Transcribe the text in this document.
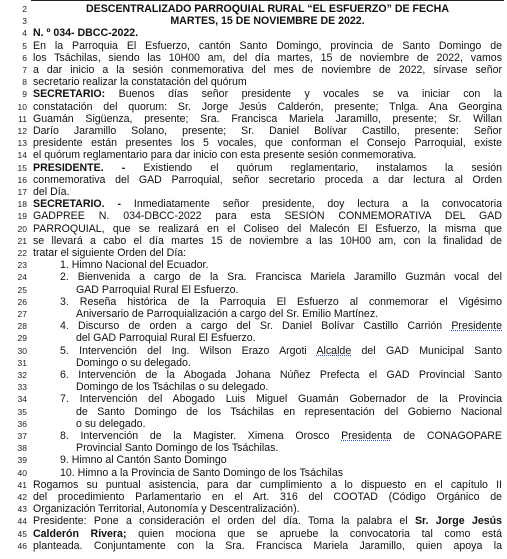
2	DESCENTRALIZADO PARROQUIAL RURAL “EL ESFUERZO” DE FECHA
3	MARTES, 15 DE NOVIEMBRE DE 2022.
4 N. º 034- DBCC-2022.
5 En la Parroquia El Esfuerzo, cantón Santo Domingo, provincia de Santo Domingo de
6 los Tsáchilas, siendo las 10H00 am, del día martes, 15 de noviembre de 2022, vamos
7 a dar inicio a la sesión conmemorativa del mes de noviembre de 2022, sírvase señor
8 secretario realizar la constatación del quórum
9 SECRETARIO: Buenos días señor presidente y vocales se va iniciar con la
10 constatación del quorum: Sr. Jorge Jesús Calderón, presente; Tnlga. Ana Georgina
11 Guamán Sigüenza, presente; Sra. Francisca Mariela Jaramillo, presente; Sr. Willan
12 Darío Jaramillo Solano, presente; Sr. Daniel Bolívar Castillo, presente: Señor
13 presidente están presentes los 5 vocales, que conforman el Consejo Parroquial, existe
14 el quórum reglamentario para dar inicio con esta presente sesión conmemorativa.
15 PRESIDENTE. - Existiendo el quórum reglamentario, instalamos la sesión
16 conmemorativa del GAD Parroquial, señor secretario proceda a dar lectura al Orden
17 del Día.
18 SECRETARIO. - Inmediatamente señor presidente, doy lectura a la convocatoria
19 GADPREE N. 034-DBCC-2022 para esta SESIÓN CONMEMORATIVA DEL GAD
20 PARROQUIAL, que se realizará en el Coliseo del Malecón El Esfuerzo, la misma que
21 se llevará a cabo el día martes 15 de noviembre a las 10H00 am, con la finalidad de
22 tratar el siguiente Orden del Día:
23	1. Himno Nacional del Ecuador.
24	2. Bienvenida a cargo de la Sra. Francisca Mariela Jaramillo Guzmán vocal del
25	GAD Parroquial Rural El Esfuerzo.
26	3. Reseña histórica de la Parroquia El Esfuerzo al conmemorar el Vigésimo
27	Aniversario de Parroquialización a cargo del Sr. Emilio Martínez.
28	4. Discurso de orden a cargo del Sr. Daniel Bolívar Castillo Carrión Presidente
29	del GAD Parroquial Rural El Esfuerzo.
30	5. Intervención del Ing. Wilson Erazo Argoti Alcalde del GAD Municipal Santo
31	Domingo o su delegado.
32	6. Intervención de la Abogada Johana Núñez Prefecta el GAD Provincial Santo
33	Domingo de los Tsáchilas o su delegado.
34	7. Intervención del Abogado Luis Miguel Guamán Gobernador de la Provincia
35	de Santo Domingo de los Tsáchilas en representación del Gobierno Nacional
36	o su delegado.
37	8. Intervención de la Magister. Ximena Orosco Presidenta de CONAGOPARE
38	Provincial Santo Domingo de los Tsáchilas.
39	9. Himno al Cantón Santo Domingo
40	10. Himno a la Provincia de Santo Domingo de los Tsáchilas
41 Rogamos su puntual asistencia, para dar cumplimiento a lo dispuesto en el capítulo II
42 del procedimiento Parlamentario en el Art. 316 del COOTAD (Código Orgánico de
43 Organización Territorial, Autonomía y Descentralización).
44 Presidente: Pone a consideración el orden del día. Toma la palabra el Sr. Jorge Jesús
45 Calderón Rivera; quien mociona que se apruebe la convocatoria tal como está
46 planteada. Conjuntamente con la Sra. Francisca Mariela Jaramillo, quien apoya la
